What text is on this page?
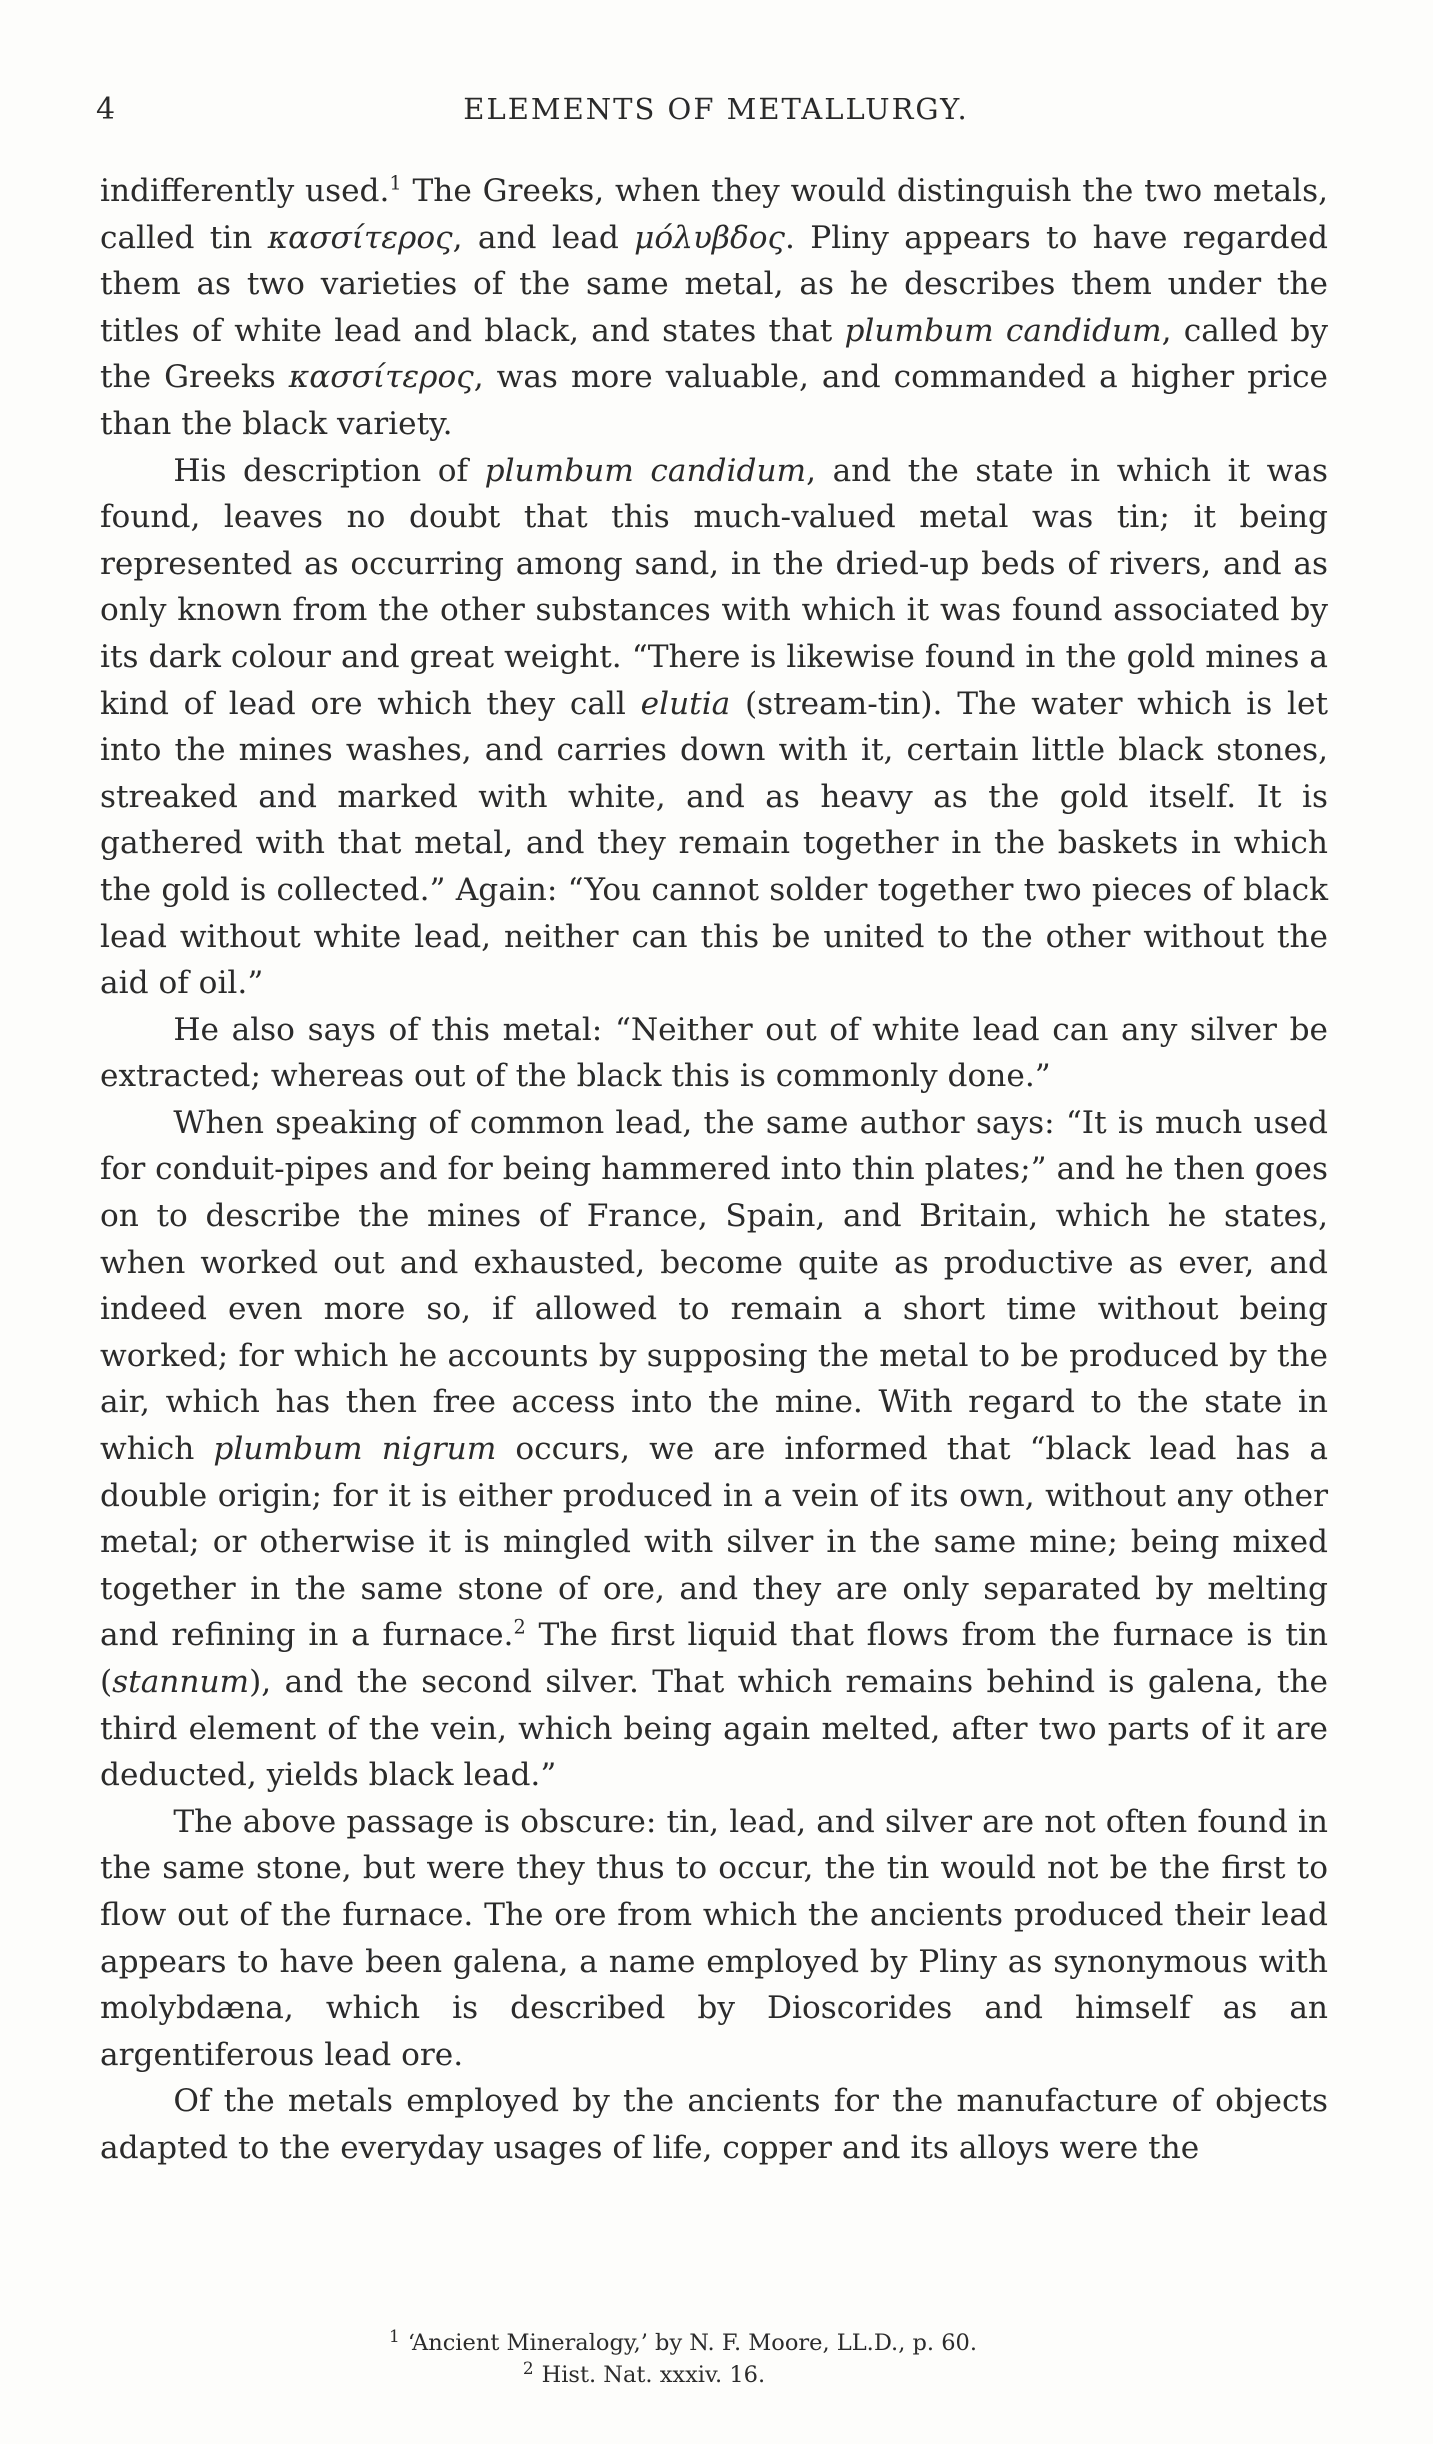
4	ELEMENTS OF METALLURGY.

indifferently used.$^1$ The Greeks, when they would distinguish the two metals, called tin κασσίτερος, and lead μόλυβδος. Pliny appears to have regarded them as two varieties of the same metal, as he describes them under the titles of white lead and black, and states that plumbum candidum, called by the Greeks κασσίτερος, was more valuable, and commanded a higher price than the black variety.

His description of plumbum candidum, and the state in which it was found, leaves no doubt that this much-valued metal was tin; it being represented as occurring among sand, in the dried-up beds of rivers, and as only known from the other substances with which it was found associated by its dark colour and great weight. “There is likewise found in the gold mines a kind of lead ore which they call elutia (stream-tin). The water which is let into the mines washes, and carries down with it, certain little black stones, streaked and marked with white, and as heavy as the gold itself. It is gathered with that metal, and they remain together in the baskets in which the gold is collected.” Again: “You cannot solder together two pieces of black lead without white lead, neither can this be united to the other without the aid of oil.”

He also says of this metal: “Neither out of white lead can any silver be extracted; whereas out of the black this is commonly done.”

When speaking of common lead, the same author says: “It is much used for conduit-pipes and for being hammered into thin plates;” and he then goes on to describe the mines of France, Spain, and Britain, which he states, when worked out and exhausted, become quite as productive as ever, and indeed even more so, if allowed to remain a short time without being worked; for which he accounts by supposing the metal to be produced by the air, which has then free access into the mine. With regard to the state in which plumbum nigrum occurs, we are informed that “black lead has a double origin; for it is either produced in a vein of its own, without any other metal; or otherwise it is mingled with silver in the same mine; being mixed together in the same stone of ore, and they are only separated by melting and refining in a furnace.$^2$ The first liquid that flows from the furnace is tin (stannum), and the second silver. That which remains behind is galena, the third element of the vein, which being again melted, after two parts of it are deducted, yields black lead.”

The above passage is obscure: tin, lead, and silver are not often found in the same stone, but were they thus to occur, the tin would not be the first to flow out of the furnace. The ore from which the ancients produced their lead appears to have been galena, a name employed by Pliny as synonymous with molybdæna, which is described by Dioscorides and himself as an argentiferous lead ore.

Of the metals employed by the ancients for the manufacture of objects adapted to the everyday usages of life, copper and its alloys were the

$^1$ ‘Ancient Mineralogy,’ by N. F. Moore, LL.D., p. 60.
$^2$ Hist. Nat. xxxiv. 16.
